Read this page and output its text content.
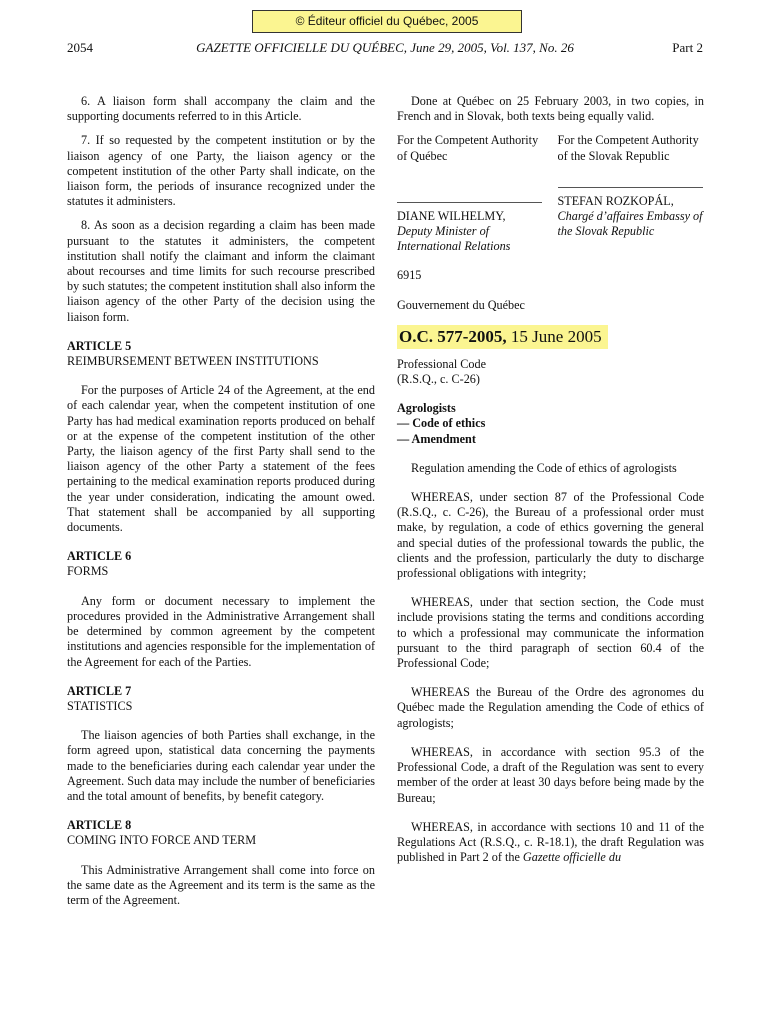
© Éditeur officiel du Québec, 2005
2054	GAZETTE OFFICIELLE DU QUÉBEC, June 29, 2005, Vol. 137, No. 26	Part 2

6. A liaison form shall accompany the claim and the supporting documents referred to in this Article.

7. If so requested by the competent institution or by the liaison agency of one Party, the liaison agency or the competent institution of the other Party shall indicate, on the liaison form, the periods of insurance recognized under the statutes it administers.

8. As soon as a decision regarding a claim has been made pursuant to the statutes it administers, the competent institution shall notify the claimant and inform the claimant about recourses and time limits for such recourse prescribed by such statutes; the competent institution shall also inform the liaison agency of the other Party of the decision using the liaison form.

ARTICLE 5

REIMBURSEMENT BETWEEN INSTITUTIONS

For the purposes of Article 24 of the Agreement, at the end of each calendar year, when the competent institution of one Party has had medical examination reports produced on behalf or at the expense of the competent institution of the other Party, the liaison agency of the first Party shall send to the liaison agency of the other Party a statement of the fees pertaining to the medical examination reports produced during the year under consideration, indicating the amount owed. That statement shall be accompanied by all supporting documents.

ARTICLE 6

FORMS

Any form or document necessary to implement the procedures provided in the Administrative Arrangement shall be determined by common agreement by the competent institutions and agencies responsible for the implementation of the Agreement for each of the Parties.

ARTICLE 7

STATISTICS

The liaison agencies of both Parties shall exchange, in the form agreed upon, statistical data concerning the payments made to the beneficiaries during each calendar year under the Agreement. Such data may include the number of beneficiaries and the total amount of benefits, by benefit category.

ARTICLE 8

COMING INTO FORCE AND TERM

This Administrative Arrangement shall come into force on the same date as the Agreement and its term is the same as the term of the Agreement.

Done at Québec on 25 February 2003, in two copies, in French and in Slovak, both texts being equally valid.

For the Competent Authority of Québec

DIANE WILHELMY,

Deputy Minister of International Relations

For the Competent Authority of the Slovak Republic

STEFAN ROZKOPÁL,

Chargé d’affaires Embassy of the Slovak Republic

6915

Gouvernement du Québec

O.C. 577-2005, 15 June 2005

Professional Code

(R.S.Q., c. C-26)

Agrologists

— Code of ethics

— Amendment

Regulation amending the Code of ethics of agrologists

WHEREAS, under section 87 of the Professional Code (R.S.Q., c. C-26), the Bureau of a professional order must make, by regulation, a code of ethics governing the general and special duties of the professional towards the public, the clients and the profession, particularly the duty to discharge professional obligations with integrity;

WHEREAS, under that section section, the Code must include provisions stating the terms and conditions according to which a professional may communicate the information pursuant to the third paragraph of section 60.4 of the Professional Code;

WHEREAS the Bureau of the Ordre des agronomes du Québec made the Regulation amending the Code of ethics of agrologists;

WHEREAS, in accordance with section 95.3 of the Professional Code, a draft of the Regulation was sent to every member of the order at least 30 days before being made by the Bureau;

WHEREAS, in accordance with sections 10 and 11 of the Regulations Act (R.S.Q., c. R-18.1), the draft Regulation was published in Part 2 of the Gazette officielle du
